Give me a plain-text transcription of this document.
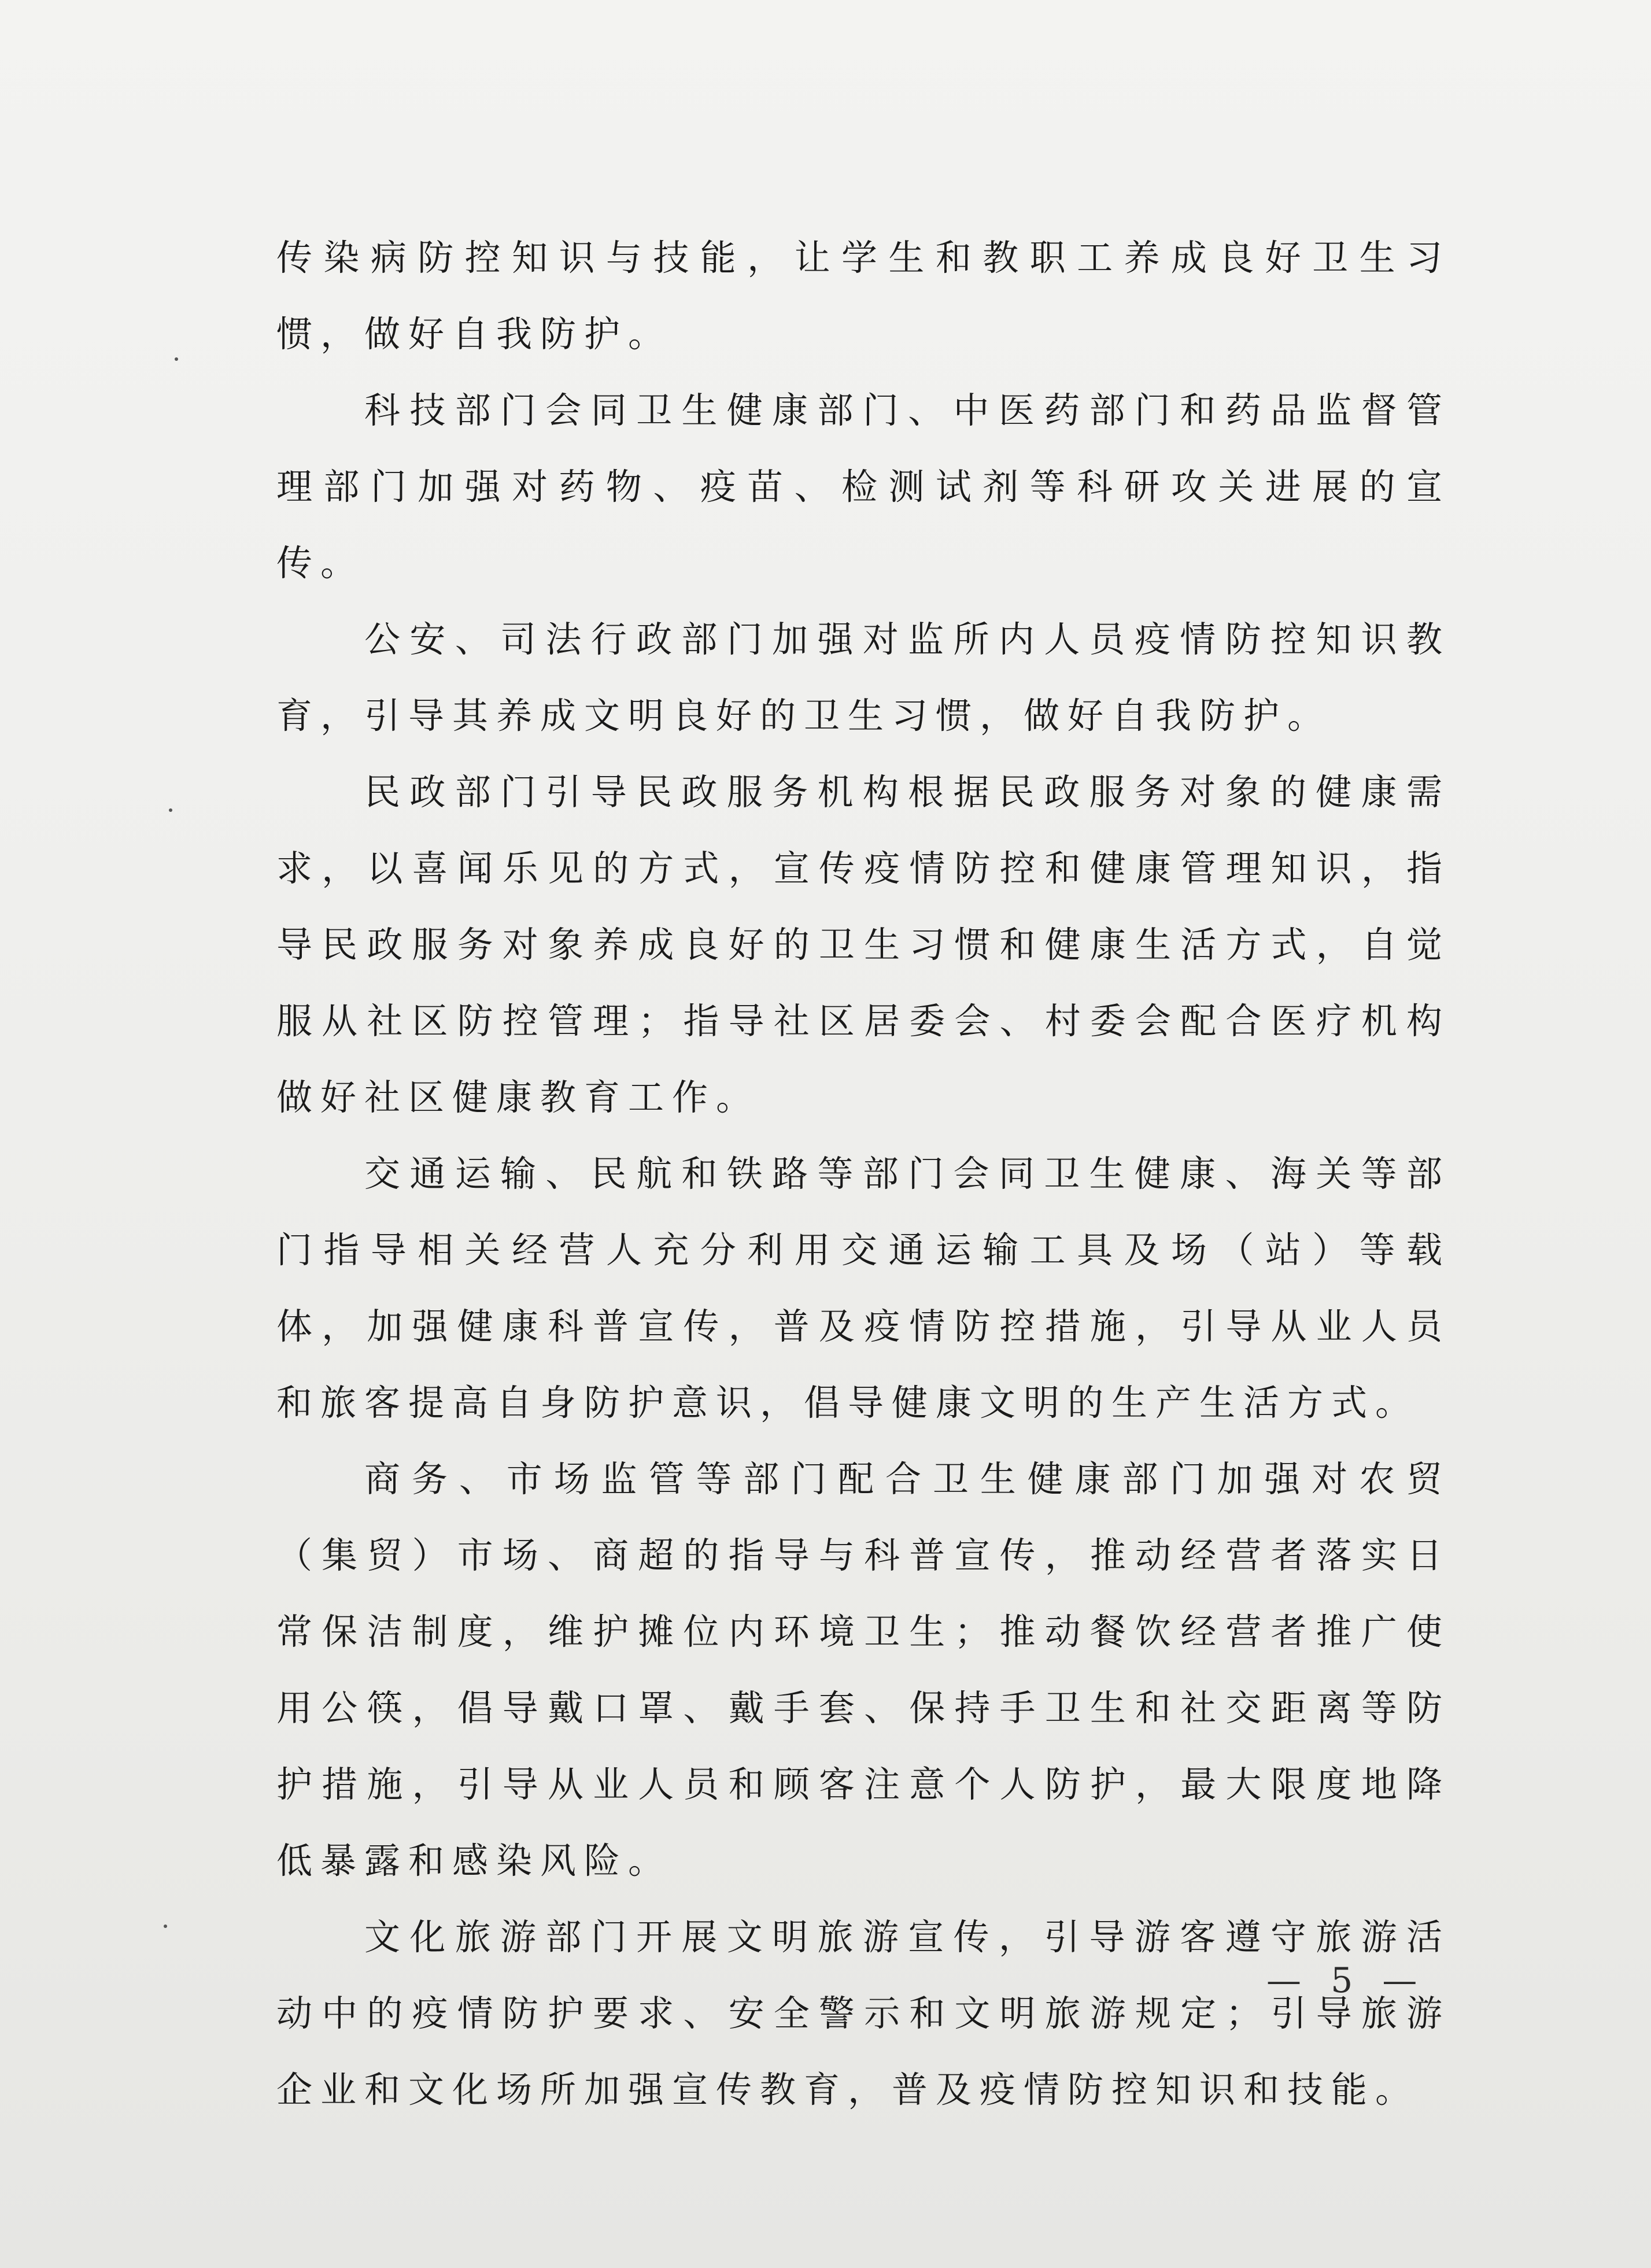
传染病防控知识与技能，让学生和教职工养成良好卫生习惯，做好自我防护。

科技部门会同卫生健康部门、中医药部门和药品监督管理部门加强对药物、疫苗、检测试剂等科研攻关进展的宣传。

公安、司法行政部门加强对监所内人员疫情防控知识教育，引导其养成文明良好的卫生习惯，做好自我防护。

民政部门引导民政服务机构根据民政服务对象的健康需求，以喜闻乐见的方式，宣传疫情防控和健康管理知识，指导民政服务对象养成良好的卫生习惯和健康生活方式，自觉服从社区防控管理；指导社区居委会、村委会配合医疗机构做好社区健康教育工作。

交通运输、民航和铁路等部门会同卫生健康、海关等部门指导相关经营人充分利用交通运输工具及场（站）等载体，加强健康科普宣传，普及疫情防控措施，引导从业人员和旅客提高自身防护意识，倡导健康文明的生产生活方式。

商务、市场监管等部门配合卫生健康部门加强对农贸（集贸）市场、商超的指导与科普宣传，推动经营者落实日常保洁制度，维护摊位内环境卫生；推动餐饮经营者推广使用公筷，倡导戴口罩、戴手套、保持手卫生和社交距离等防护措施，引导从业人员和顾客注意个人防护，最大限度地降低暴露和感染风险。

文化旅游部门开展文明旅游宣传，引导游客遵守旅游活动中的疫情防护要求、安全警示和文明旅游规定；引导旅游企业和文化场所加强宣传教育，普及疫情防控知识和技能。

— 5 —
